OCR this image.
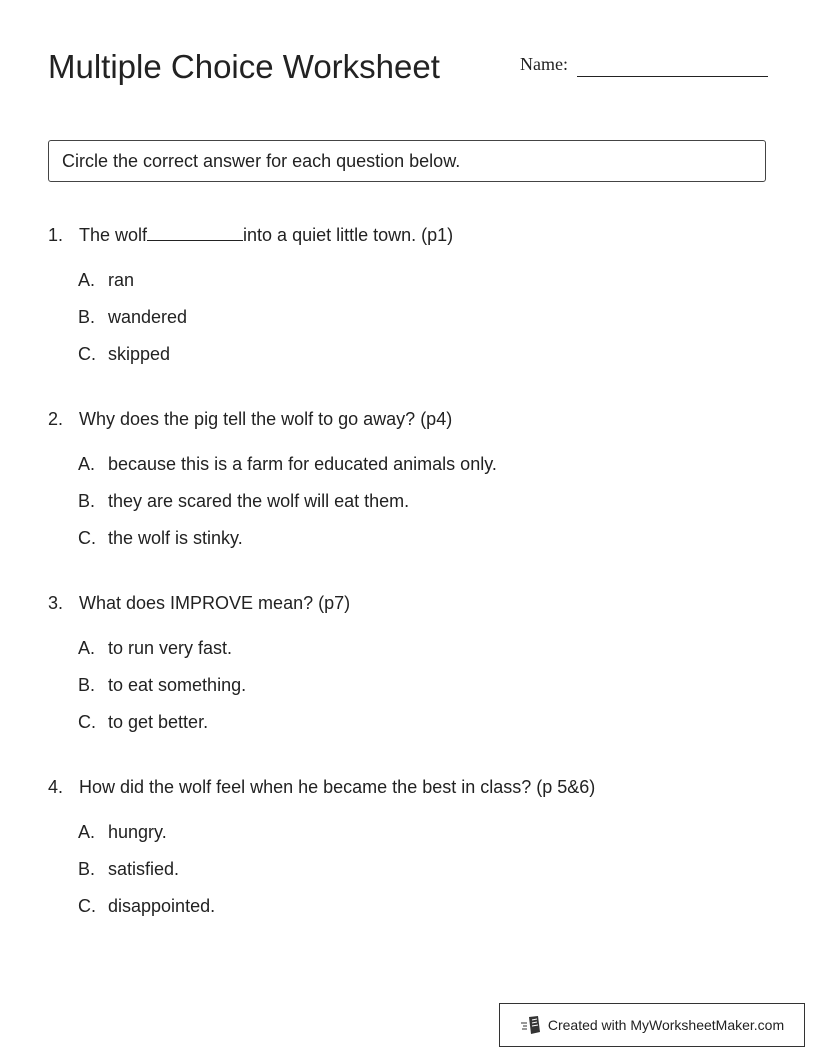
Multiple Choice Worksheet	Name:
Circle the correct answer for each question below.
1. The wolf	into a quiet little town. (p1)
A. ran
B. wandered
C. skipped
2. Why does the pig tell the wolf to go away? (p4)
A. because this is a farm for educated animals only.
B. they are scared the wolf will eat them.
C. the wolf is stinky.
3. What does IMPROVE mean? (p7)
A. to run very fast.
B. to eat something.
C. to get better.
4. How did the wolf feel when he became the best in class? (p 5&6)
A. hungry.
B. satisfied.
C. disappointed.
Created with MyWorksheetMaker.com
